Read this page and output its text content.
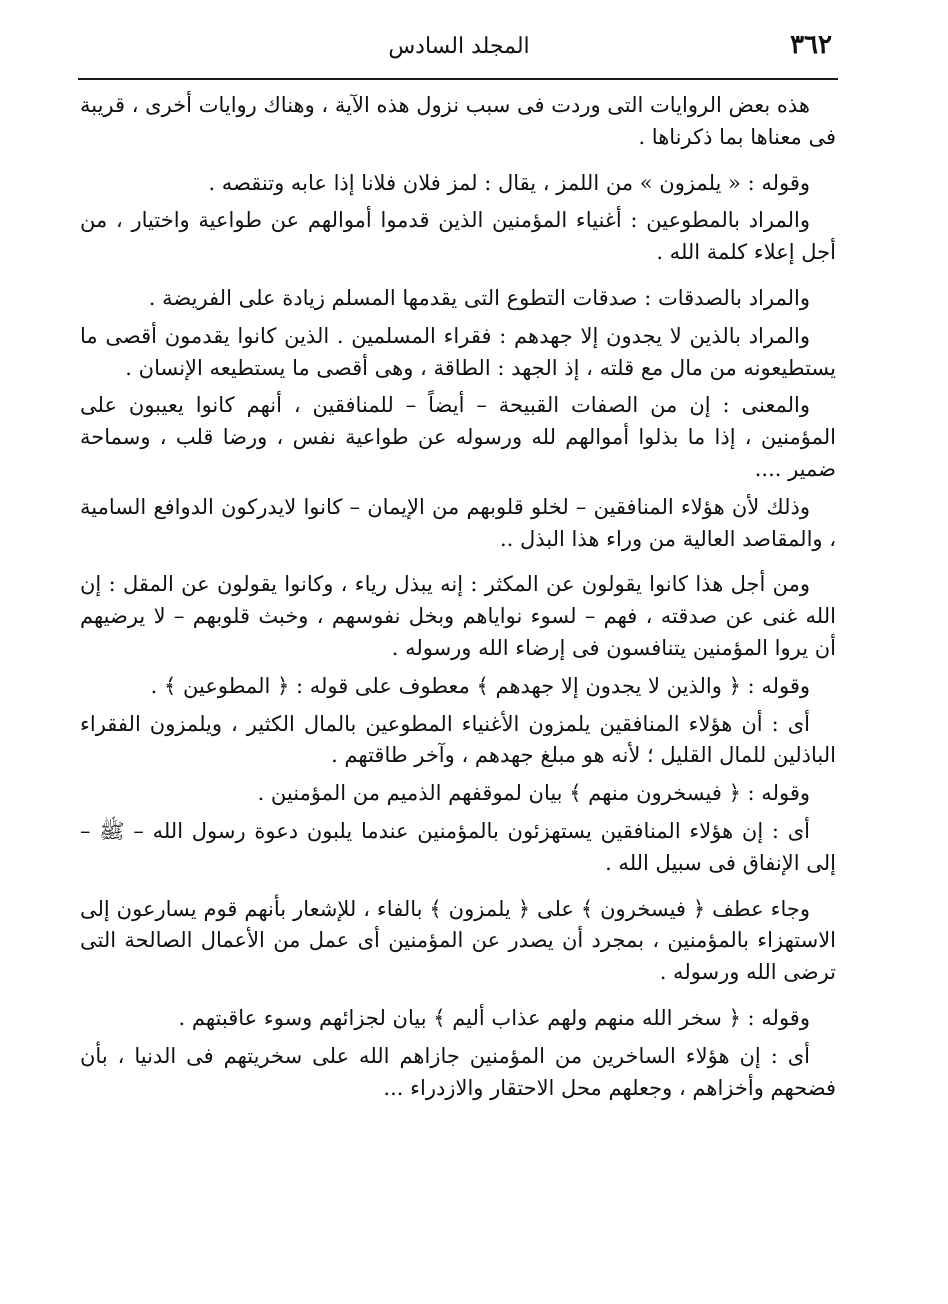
٣٦٢
المجلد السادس

هذه بعض الروايات التى وردت فى سبب نزول هذه الآية ، وهناك روايات أخرى ، قريبة فى معناها بما ذكرناها .

وقوله : « يلمزون » من اللمز ، يقال : لمز فلان فلانا إذا عابه وتنقصه .

والمراد بالمطوعين : أغنياء المؤمنين الذين قدموا أموالهم عن طواعية واختيار ، من أجل إعلاء كلمة الله .

والمراد بالصدقات : صدقات التطوع التى يقدمها المسلم زيادة على الفريضة .

والمراد بالذين لا يجدون إلا جهدهم : فقراء المسلمين . الذين كانوا يقدمون أقصى ما يستطيعونه من مال مع قلته ، إذ الجهد : الطاقة ، وهى أقصى ما يستطيعه الإنسان .

والمعنى : إن من الصفات القبيحة – أيضاً – للمنافقين ، أنهم كانوا يعيبون على المؤمنين ، إذا ما بذلوا أموالهم لله ورسوله عن طواعية نفس ، ورضا قلب ، وسماحة ضمير ....

وذلك لأن هؤلاء المنافقين – لخلو قلوبهم من الإيمان – كانوا لايدركون الدوافع السامية ، والمقاصد العالية من وراء هذا البذل ..

ومن أجل هذا كانوا يقولون عن المكثر : إنه يبذل رياء ، وكانوا يقولون عن المقل : إن الله غنى عن صدقته ، فهم – لسوء نواياهم وبخل نفوسهم ، وخبث قلوبهم – لا يرضيهم أن يروا المؤمنين يتنافسون فى إرضاء الله ورسوله .

وقوله : ﴿ والذين لا يجدون إلا جهدهم ﴾ معطوف على قوله : ﴿ المطوعين ﴾ .

أى : أن هؤلاء المنافقين يلمزون الأغنياء المطوعين بالمال الكثير ، ويلمزون الفقراء الباذلين للمال القليل ؛ لأنه هو مبلغ جهدهم ، وآخر طاقتهم .

وقوله : ﴿ فيسخرون منهم ﴾ بيان لموقفهم الذميم من المؤمنين .

أى : إن هؤلاء المنافقين يستهزئون بالمؤمنين عندما يلبون دعوة رسول الله – ﷺ – إلى الإنفاق فى سبيل الله .

وجاء عطف ﴿ فيسخرون ﴾ على ﴿ يلمزون ﴾ بالفاء ، للإشعار بأنهم قوم يسارعون إلى الاستهزاء بالمؤمنين ، بمجرد أن يصدر عن المؤمنين أى عمل من الأعمال الصالحة التى ترضى الله ورسوله .

وقوله : ﴿ سخر الله منهم ولهم عذاب أليم ﴾ بيان لجزائهم وسوء عاقبتهم .

أى : إن هؤلاء الساخرين من المؤمنين جازاهم الله على سخريتهم فى الدنيا ، بأن فضحهم وأخزاهم ، وجعلهم محل الاحتقار والازدراء ...
